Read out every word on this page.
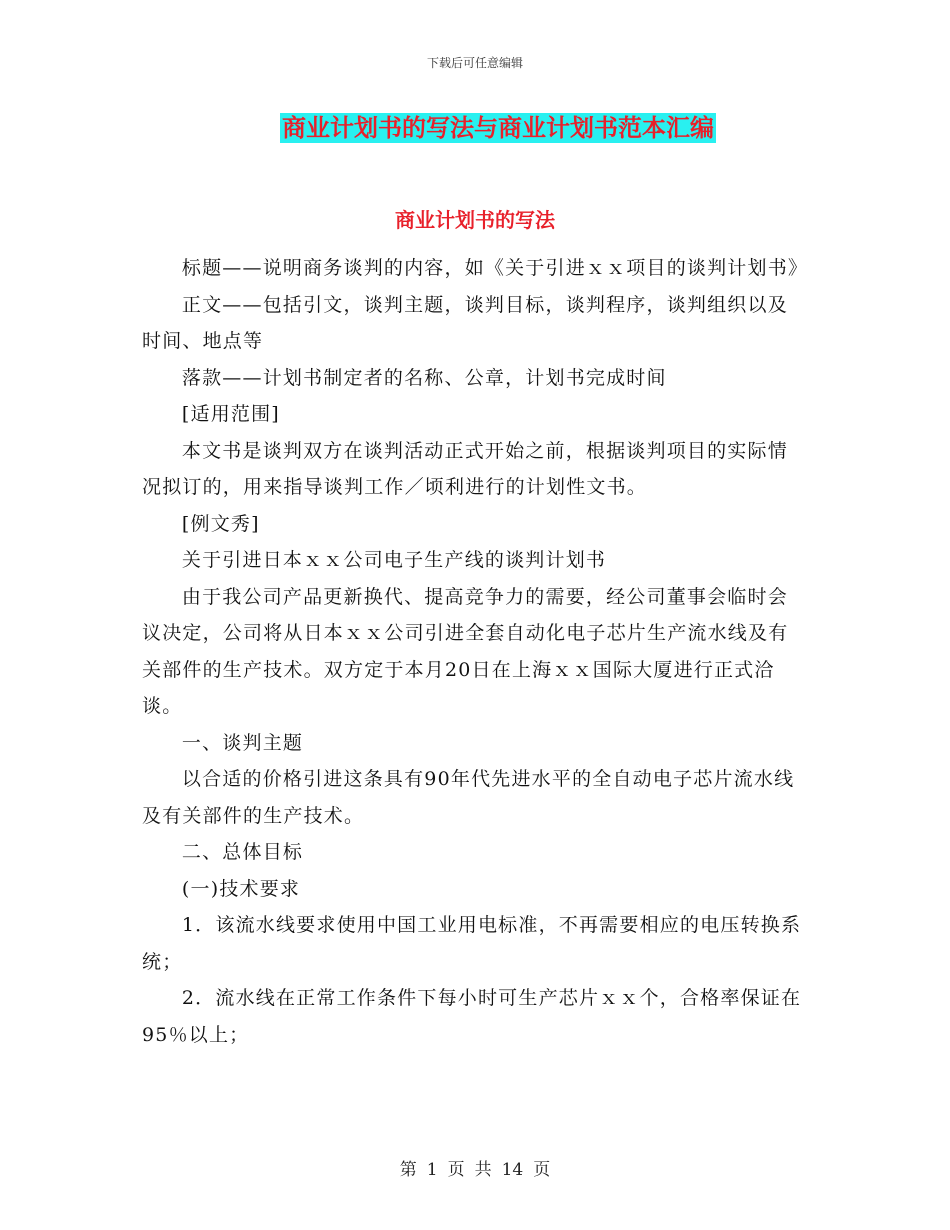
下载后可任意编辑
商业计划书的写法与商业计划书范本汇编
商业计划书的写法

标题——说明商务谈判的内容，如《关于引进ｘｘ项目的谈判计划书》

正文——包括引文，谈判主题，谈判目标，谈判程序，谈判组织以及时间、地点等

落款——计划书制定者的名称、公章，计划书完成时间

[适用范围]

本文书是谈判双方在谈判活动正式开始之前，根据谈判项目的实际情况拟订的，用来指导谈判工作／顷利进行的计划性文书。

[例文秀]

关于引进日本ｘｘ公司电子生产线的谈判计划书

由于我公司产品更新换代、提高竞争力的需要，经公司董事会临时会议决定，公司将从日本ｘｘ公司引进全套自动化电子芯片生产流水线及有关部件的生产技术。双方定于本月20日在上海ｘｘ国际大厦进行正式洽谈。

一、谈判主题

以合适的价格引进这条具有90年代先进水平的全自动电子芯片流水线及有关部件的生产技术。

二、总体目标

(一)技术要求

1．该流水线要求使用中国工业用电标准，不再需要相应的电压转换系统；

2．流水线在正常工作条件下每小时可生产芯片ｘｘ个，合格率保证在95％以上；

第 1 页 共 14 页
